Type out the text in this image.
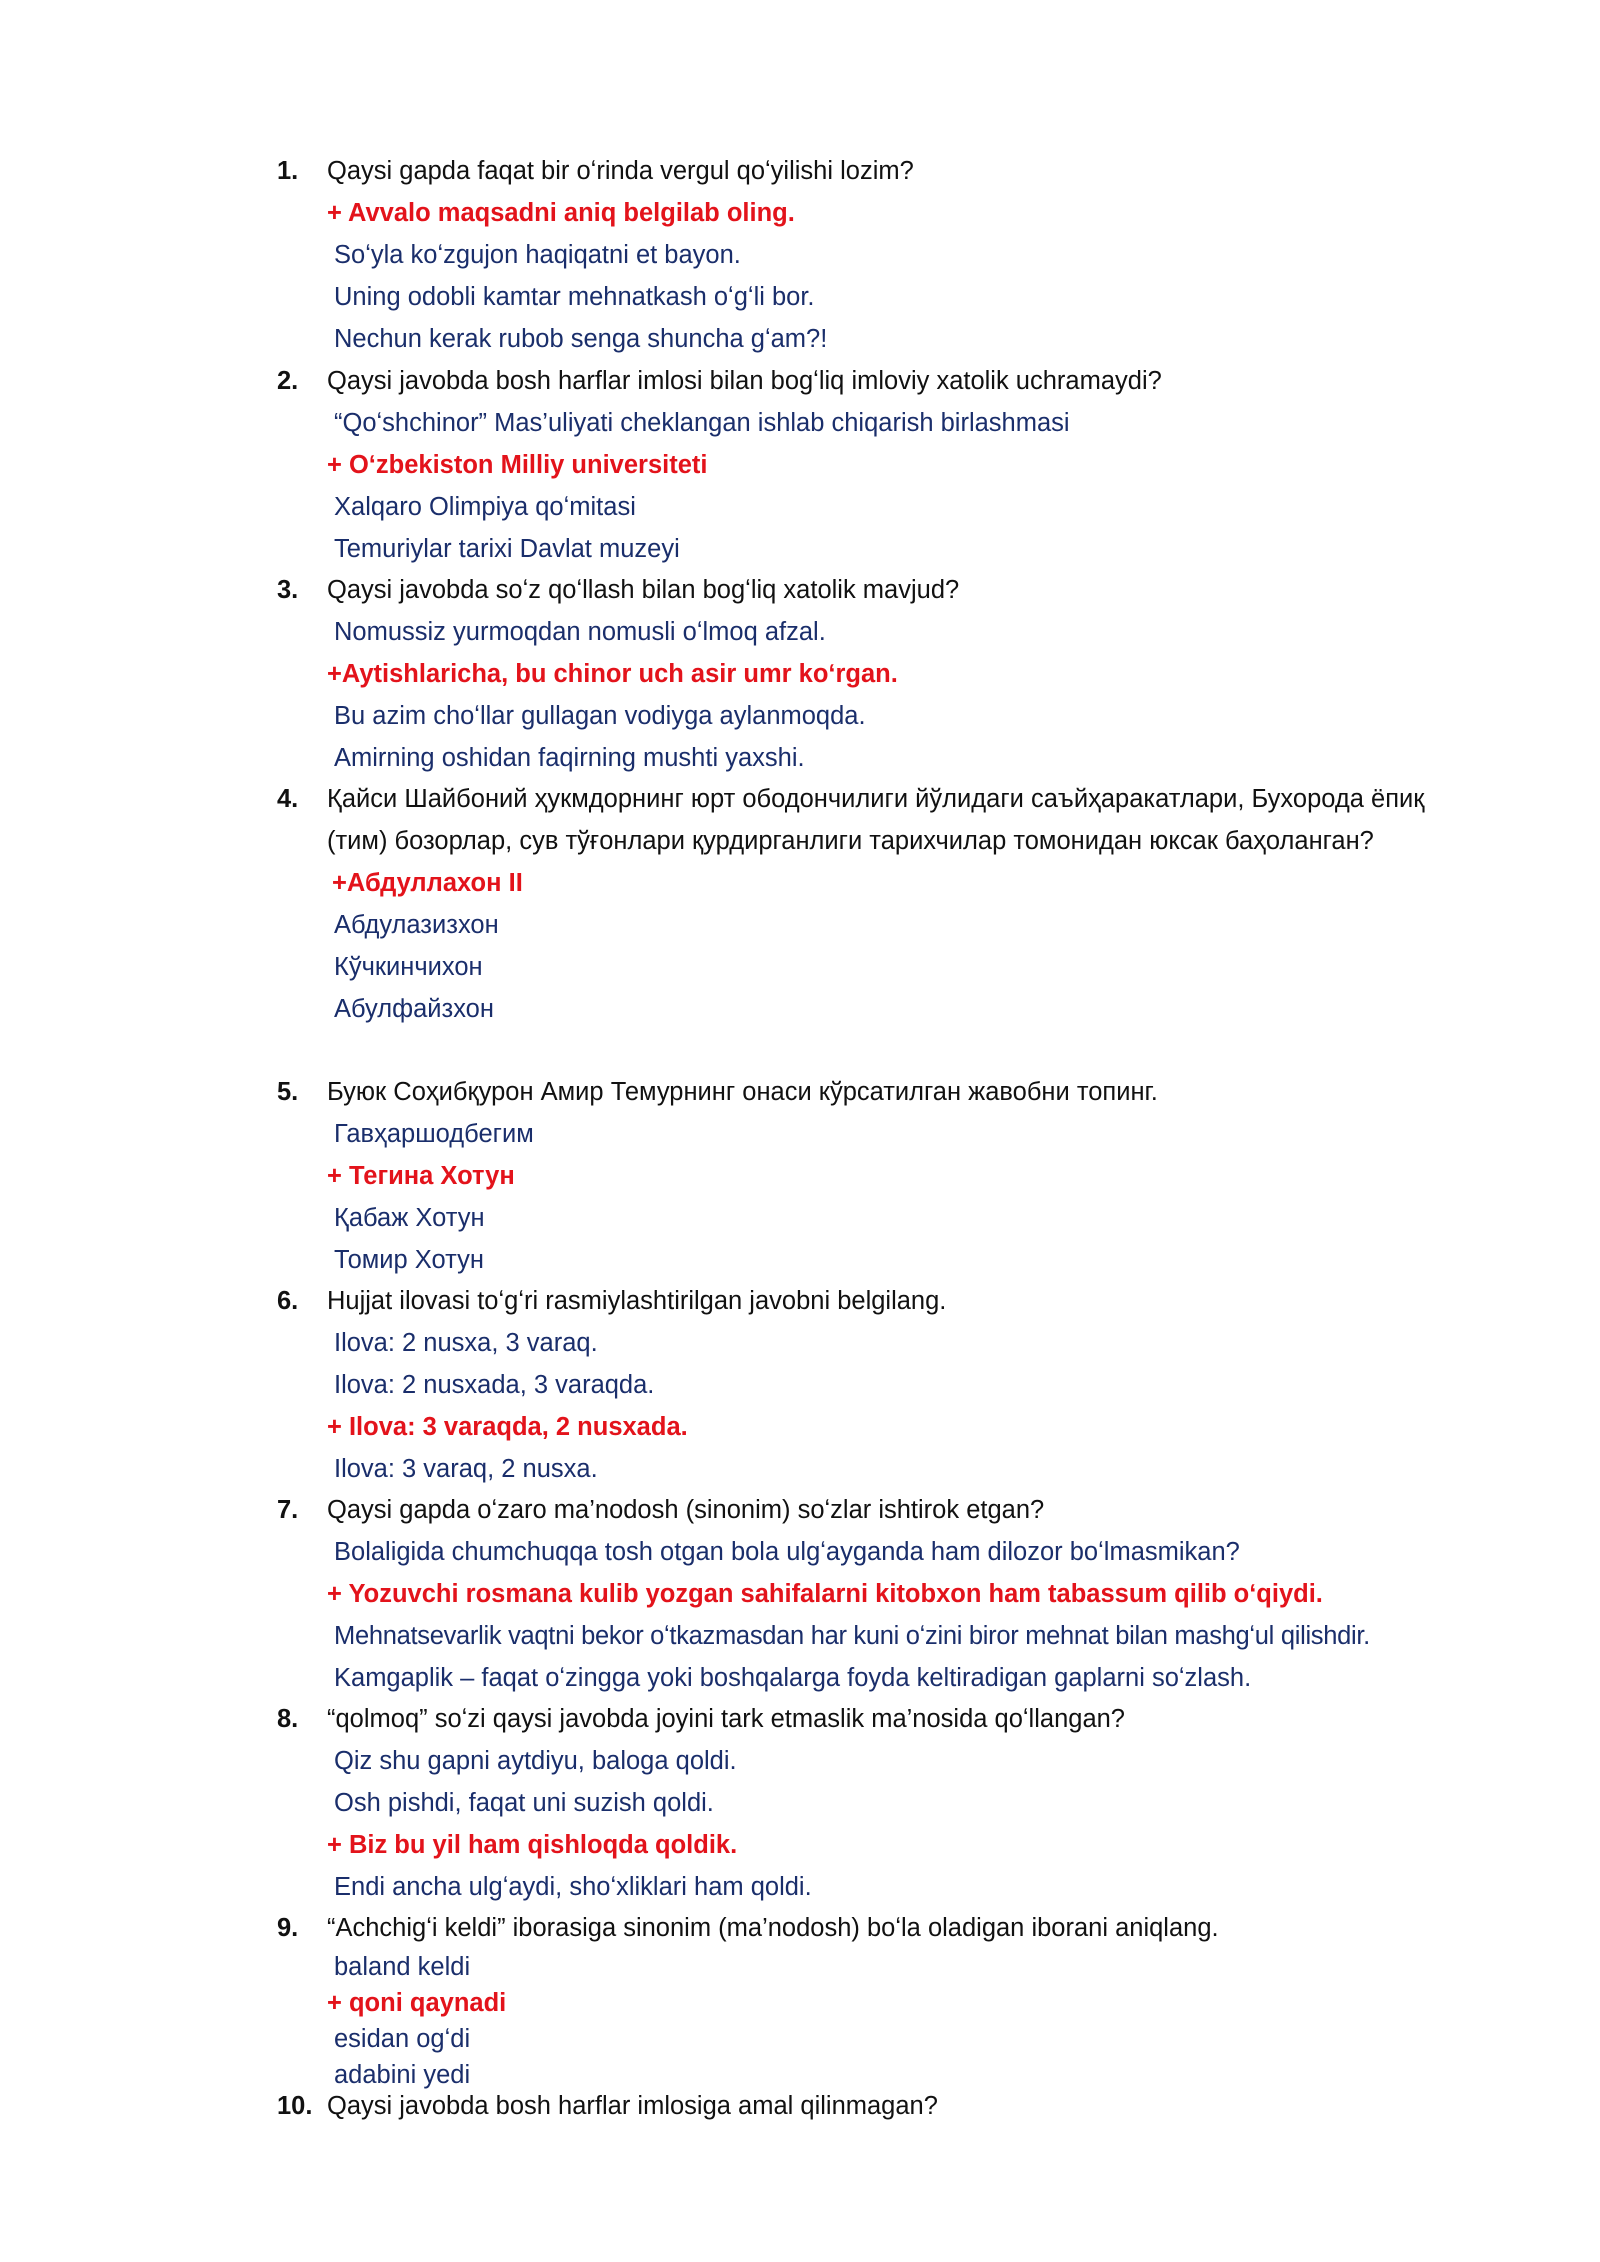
1. Qaysi gapda faqat bir oʻrinda vergul qoʻyilishi lozim?
+ Avvalo maqsadni aniq belgilab oling.
Soʻyla koʻzgujon haqiqatni et bayon.
Uning odobli kamtar mehnatkash oʻgʻli bor.
Nechun kerak rubob senga shuncha gʻam?!
2. Qaysi javobda bosh harflar imlosi bilan bogʻliq imloviy xatolik uchramaydi?
“Qoʻshchinor” Mas’uliyati cheklangan ishlab chiqarish birlashmasi
+ Oʻzbekiston Milliy universiteti
Xalqaro Olimpiya qoʻmitasi
Temuriylar tarixi Davlat muzeyi
3. Qaysi javobda soʻz qoʻllash bilan bogʻliq xatolik mavjud?
Nomussiz yurmoqdan nomusli oʻlmoq afzal.
+Aytishlaricha, bu chinor uch asir umr koʻrgan.
Bu azim choʻllar gullagan vodiyga aylanmoqda.
Amirning oshidan faqirning mushti yaxshi.
4. Қайси Шайбоний ҳукмдорнинг юрт ободончилиги йўлидаги саъйҳаракатлари, Бухорода ёпиқ (тим) бозорлар, сув тўғонлари қурдирганлиги тарихчилар томонидан юксак баҳоланган?
+Абдуллахон II
Абдулазизхон
Кўчкинчихон
Абулфайзхон
5. Буюк Соҳибқурон Амир Темурнинг онаси кўрсатилган жавобни топинг.
Гавҳаршодбегим
+ Тегина Хотун
Қабаж Хотун
Томир Хотун
6. Hujjat ilovasi toʻgʻri rasmiylashtirilgan javobni belgilang.
Ilova: 2 nusxa, 3 varaq.
Ilova: 2 nusxada, 3 varaqda.
+ Ilova: 3 varaqda, 2 nusxada.
Ilova: 3 varaq, 2 nusxa.
7. Qaysi gapda oʻzaro ma’nodosh (sinonim) soʻzlar ishtirok etgan?
Bolaligida chumchuqqa tosh otgan bola ulgʻayganda ham dilozor boʻlmasmikan?
+ Yozuvchi rosmana kulib yozgan sahifalarni kitobxon ham tabassum qilib oʻqiydi.
Mehnatsevarlik vaqtni bekor oʻtkazmasdan har kuni oʻzini biror mehnat bilan mashgʻul qilishdir.
Kamgaplik – faqat oʻzingga yoki boshqalarga foyda keltiradigan gaplarni soʻzlash.
8. “qolmoq” soʻzi qaysi javobda joyini tark etmaslik ma’nosida qoʻllangan?
Qiz shu gapni aytdiyu, baloga qoldi.
Osh pishdi, faqat uni suzish qoldi.
+ Biz bu yil ham qishloqda qoldik.
Endi ancha ulgʻaydi, shoʻxliklari ham qoldi.
9. “Achchigʻi keldi” iborasiga sinonim (ma’nodosh) boʻla oladigan iborani aniqlang.
baland keldi
+ qoni qaynadi
esidan ogʻdi
adabini yedi
10. Qaysi javobda bosh harflar imlosiga amal qilinmagan?
